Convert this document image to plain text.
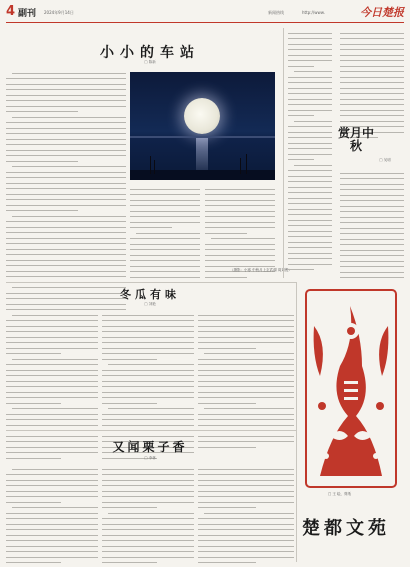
4 副刊 2024年9月14日	新闻热线	http://www.	今日楚报
小小的车站
□ 陈新
（摄影：小寒 中秋月上玄武湖 周刘俊）
赏月中秋
□ 吴明
冬瓜有味
□ 刘艳
又闻栗子香
□ 李林
□ 王 绘，剪纸
楚都文苑
